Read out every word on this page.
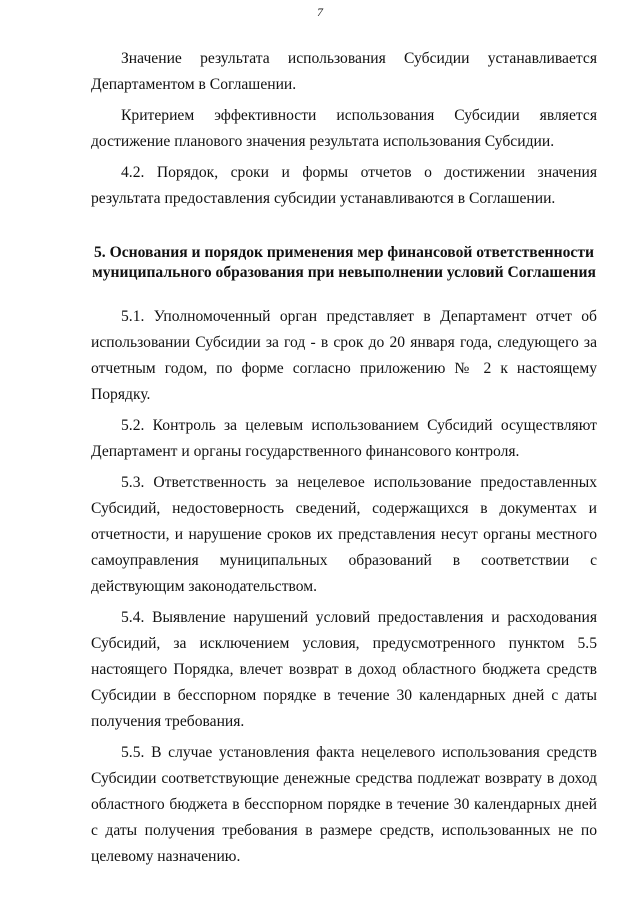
7

Значение результата использования Субсидии устанавливается Департаментом в Соглашении.

Критерием эффективности использования Субсидии является достижение планового значения результата использования Субсидии.

4.2. Порядок, сроки и формы отчетов о достижении значения результата предоставления субсидии устанавливаются в Соглашении.

5. Основания и порядок применения мер финансовой ответственности муниципального образования при невыполнении условий Соглашения

5.1. Уполномоченный орган представляет в Департамент отчет об использовании Субсидии за год - в срок до 20 января года, следующего за отчетным годом, по форме согласно приложению № 2 к настоящему Порядку.

5.2. Контроль за целевым использованием Субсидий осуществляют Департамент и органы государственного финансового контроля.

5.3. Ответственность за нецелевое использование предоставленных Субсидий, недостоверность сведений, содержащихся в документах и отчетности, и нарушение сроков их представления несут органы местного самоуправления муниципальных образований в соответствии с действующим законодательством.

5.4. Выявление нарушений условий предоставления и расходования Субсидий, за исключением условия, предусмотренного пунктом 5.5 настоящего Порядка, влечет возврат в доход областного бюджета средств Субсидии в бесспорном порядке в течение 30 календарных дней с даты получения требования.

5.5. В случае установления факта нецелевого использования средств Субсидии соответствующие денежные средства подлежат возврату в доход областного бюджета в бесспорном порядке в течение 30 календарных дней с даты получения требования в размере средств, использованных не по целевому назначению.
